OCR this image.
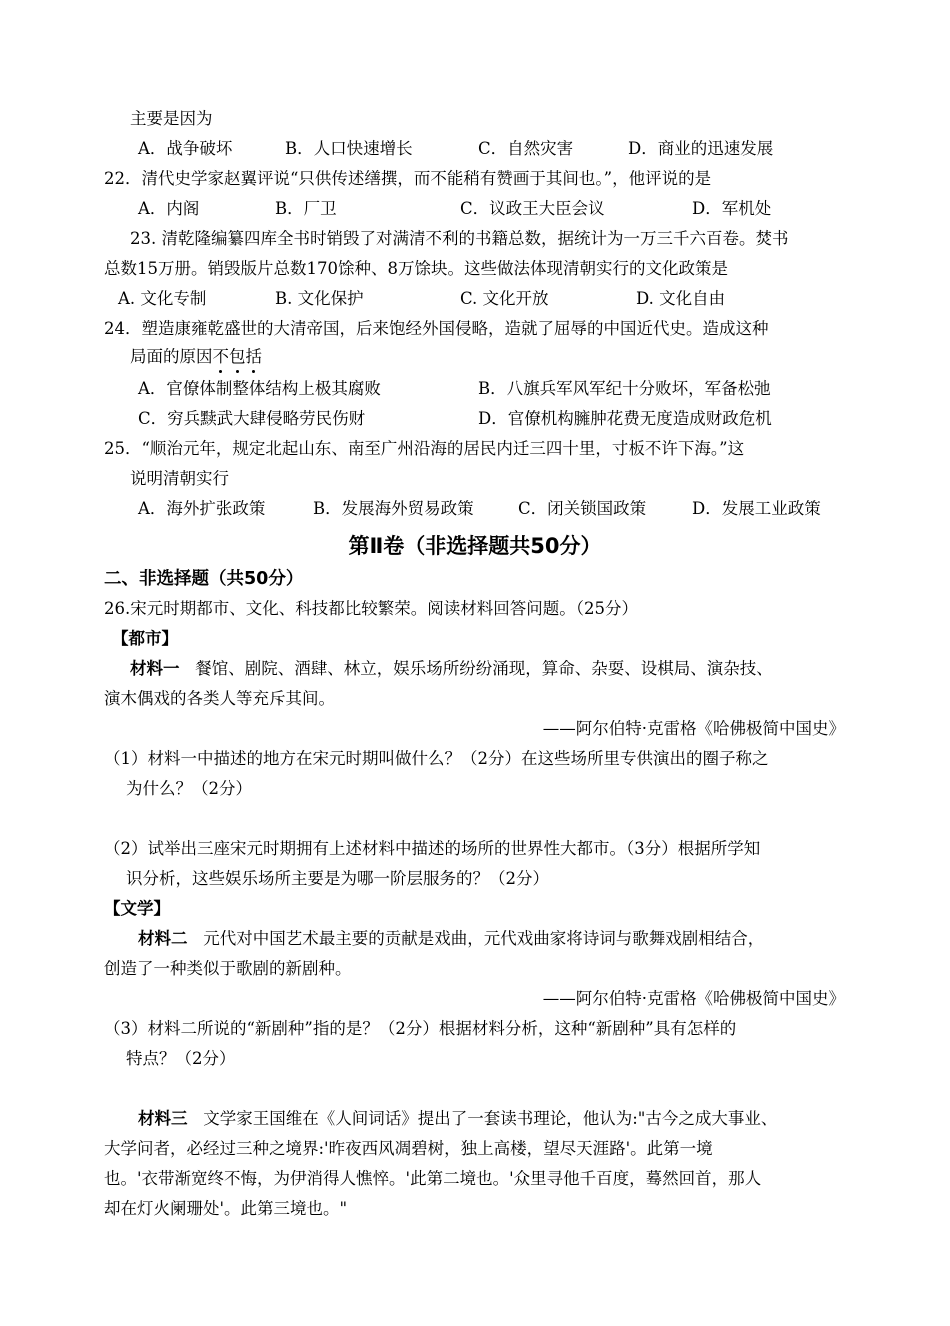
主要是因为
A．战争破坏	B．人口快速增长	C．自然灾害	D．商业的迅速发展
22．清代史学家赵翼评说“只供传述缮撰，而不能稍有赞画于其间也。”，他评说的是
A．内阁	B．厂卫	C．议政王大臣会议	D．军机处
23. 清乾隆编纂四库全书时销毁了对满清不利的书籍总数，据统计为一万三千六百卷。焚书
总数15万册。销毁版片总数170馀种、8万馀块。这些做法体现清朝实行的文化政策是
A. 文化专制	B. 文化保护	C. 文化开放	D. 文化自由
24．塑造康雍乾盛世的大清帝国，后来饱经外国侵略，造就了屈辱的中国近代史。造成这种
局面的原因不包括
A．官僚体制整体结构上极其腐败	B．八旗兵军风军纪十分败坏，军备松弛
C．穷兵黩武大肆侵略劳民伤财	D．官僚机构臃肿花费无度造成财政危机
25．“顺治元年，规定北起山东、南至广州沿海的居民内迁三四十里，寸板不许下海。”这
说明清朝实行
A．海外扩张政策	B．发展海外贸易政策	C．闭关锁国政策	D．发展工业政策
第Ⅱ卷（非选择题共50分）
二、非选择题（共50分）
26.宋元时期都市、文化、科技都比较繁荣。阅读材料回答问题。（25分）
【都市】
材料一 餐馆、剧院、酒肆、林立，娱乐场所纷纷涌现，算命、杂耍、设棋局、演杂技、
演木偶戏的各类人等充斥其间。
——阿尔伯特·克雷格《哈佛极简中国史》
（1）材料一中描述的地方在宋元时期叫做什么？（2分）在这些场所里专供演出的圈子称之
为什么？（2分）
（2）试举出三座宋元时期拥有上述材料中描述的场所的世界性大都市。（3分）根据所学知
识分析，这些娱乐场所主要是为哪一阶层服务的？（2分）
【文学】
材料二 元代对中国艺术最主要的贡献是戏曲，元代戏曲家将诗词与歌舞戏剧相结合，
创造了一种类似于歌剧的新剧种。
——阿尔伯特·克雷格《哈佛极简中国史》
（3）材料二所说的“新剧种”指的是？（2分）根据材料分析，这种“新剧种”具有怎样的
特点？（2分）
材料三 文学家王国维在《人间词话》提出了一套读书理论，他认为:"古今之成大事业、
大学问者，必经过三种之境界:'昨夜西风凋碧树，独上高楼，望尽天涯路'。此第一境
也。'衣带渐宽终不悔，为伊消得人憔悴。'此第二境也。'众里寻他千百度，蓦然回首，那人
却在灯火阑珊处'。此第三境也。"
